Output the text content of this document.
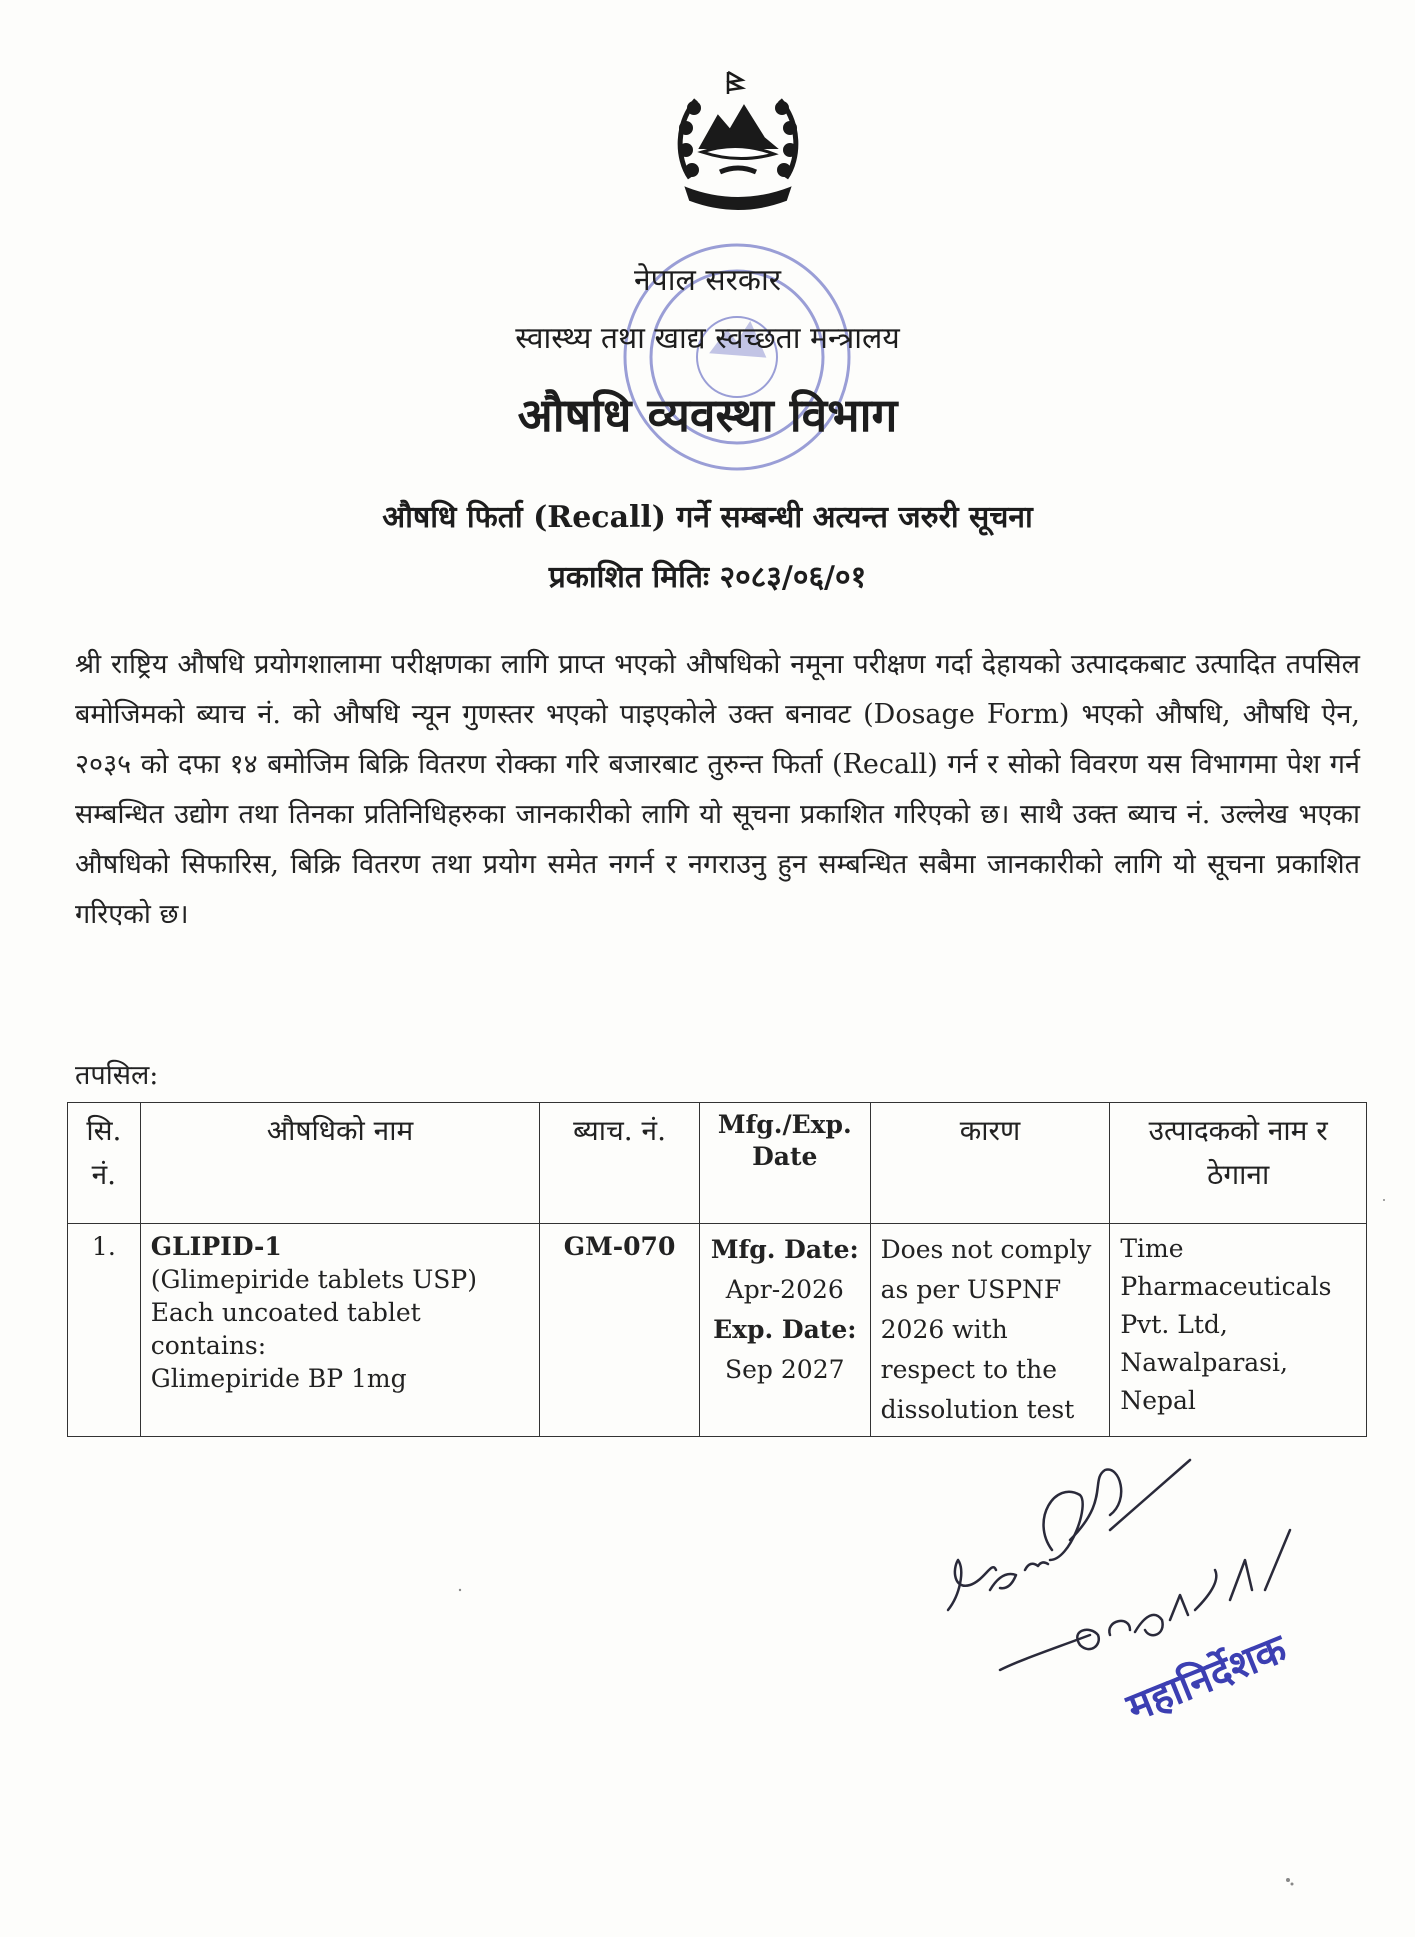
नेपाल सरकार
स्वास्थ्य तथा खाद्य स्वच्छता मन्त्रालय
औषधि व्यवस्था विभाग
औषधि फिर्ता (Recall) गर्ने सम्बन्धी अत्यन्त जरुरी सूचना
प्रकाशित मितिः २०८३/०६/०१
श्री राष्ट्रिय औषधि प्रयोगशालामा परीक्षणका लागि प्राप्त भएको औषधिको नमूना परीक्षण गर्दा देहायको उत्पादकबाट उत्पादित तपसिल बमोजिमको ब्याच नं. को औषधि न्यून गुणस्तर भएको पाइएकोले उक्त बनावट (Dosage Form) भएको औषधि, औषधि ऐन, २०३५ को दफा १४ बमोजिम बिक्रि वितरण रोक्का गरि बजारबाट तुरुन्त फिर्ता (Recall) गर्न र सोको विवरण यस विभागमा पेश गर्न सम्बन्धित उद्योग तथा तिनका प्रतिनिधिहरुका जानकारीको लागि यो सूचना प्रकाशित गरिएको छ। साथै उक्त ब्याच नं. उल्लेख भएका औषधिको सिफारिस, बिक्रि वितरण तथा प्रयोग समेत नगर्न र नगराउनु हुन सम्बन्धित सबैमा जानकारीको लागि यो सूचना प्रकाशित गरिएको छ।
तपसिल:
सि. नं.	औषधिको नाम	ब्याच. नं.	Mfg./Exp. Date	कारण	उत्पादकको नाम र ठेगाना
1.	GLIPID-1
(Glimepiride tablets USP)
Each uncoated tablet contains:
Glimepiride BP 1mg	GM-070	Mfg. Date:
Apr-2026
Exp. Date:
Sep 2027	Does not comply as per USPNF 2026 with respect to the dissolution test	Time
Pharmaceuticals
Pvt. Ltd,
Nawalparasi,
Nepal
महानिर्देशक
